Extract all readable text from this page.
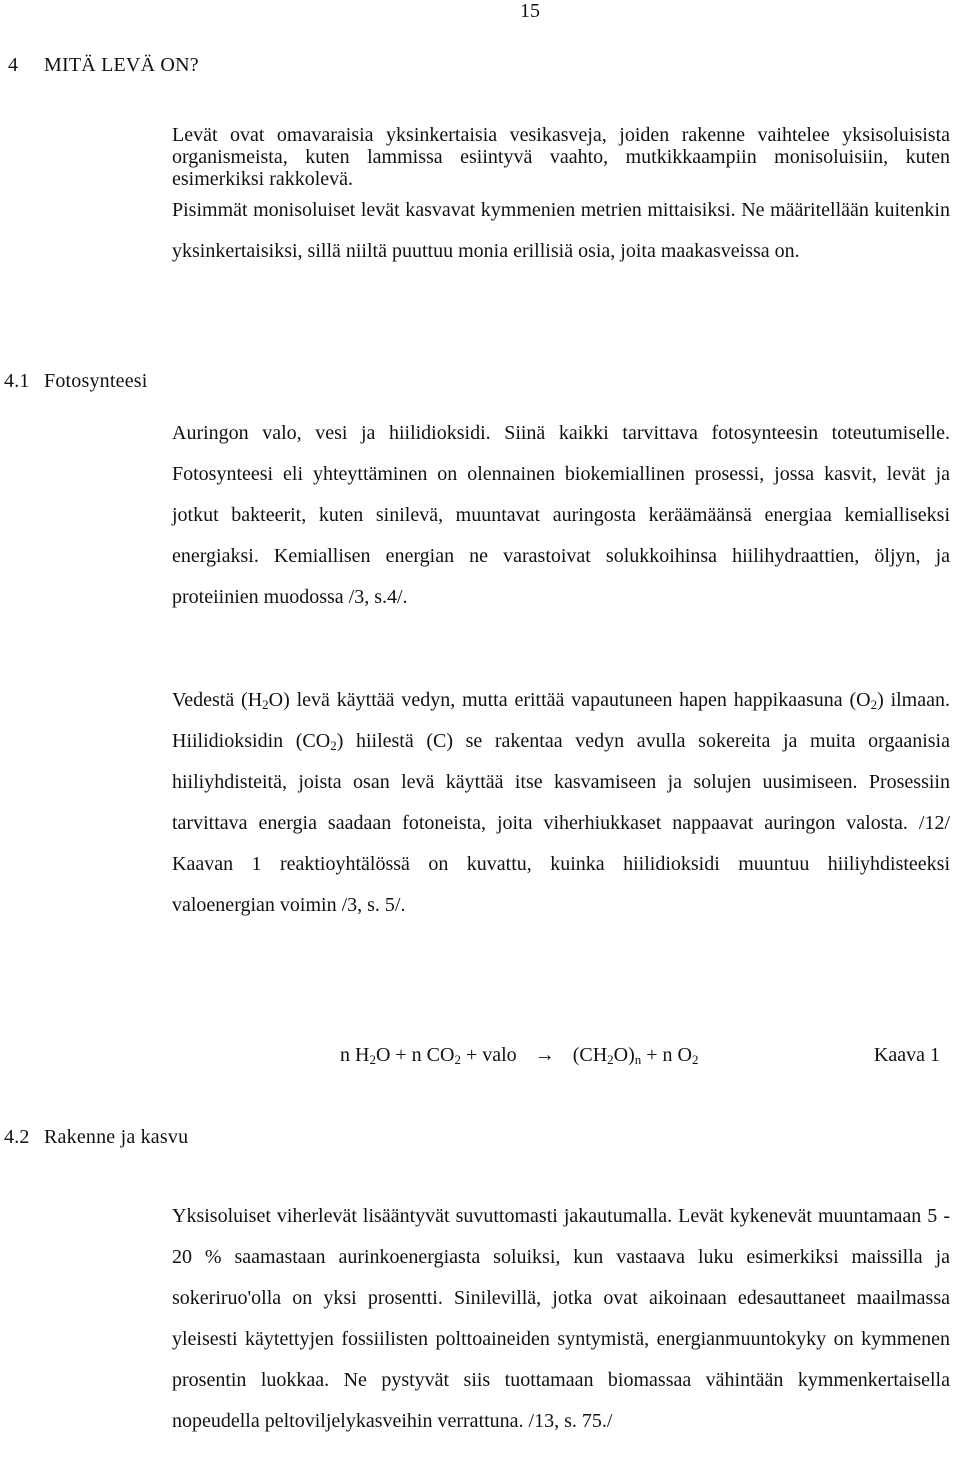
15
4 MITÄ LEVÄ ON?

Levät ovat omavaraisia yksinkertaisia vesikasveja, joiden rakenne vaihtelee yksisoluisista organismeista, kuten lammissa esiintyvä vaahto, mutkikkaampiin monisoluisiin, kuten esimerkiksi rakkolevä.
Pisimmät monisoluiset levät kasvavat kymmenien metrien mittaisiksi. Ne määritellään kuitenkin yksinkertaisiksi, sillä niiltä puuttuu monia erillisiä osia, joita maakasveissa on.

4.1 Fotosynteesi

Auringon valo, vesi ja hiilidioksidi. Siinä kaikki tarvittava fotosynteesin toteutumiselle. Fotosynteesi eli yhteyttäminen on olennainen biokemiallinen prosessi, jossa kasvit, levät ja jotkut bakteerit, kuten sinilevä, muuntavat auringosta keräämäänsä energiaa kemialliseksi energiaksi. Kemiallisen energian ne varastoivat solukkoihinsa hiilihydraattien, öljyn, ja proteiinien muodossa /3, s.4/.

Vedestä $(H_2O)$ levä käyttää vedyn, mutta erittää vapautuneen hapen happikaasuna $(O_2)$ ilmaan. Hiilidioksidin $(CO_2)$ hiilestä (C) se rakentaa vedyn avulla sokereita ja muita orgaanisia hiiliyhdisteitä, joista osan levä käyttää itse kasvamiseen ja solujen uusimiseen. Prosessiin tarvittava energia saadaan fotoneista, joita viherhiukkaset nappaavat auringon valosta. /12/ Kaavan 1 reaktioyhtälössä on kuvattu, kuinka hiilidioksidi muuntuu hiiliyhdisteeksi valoenergian voimin /3, s. 5/.

n $H_2O + n$ $CO_2$ + valo → $(CH_2O)_n + n$ $O_2$	Kaava 1
4.2 Rakenne ja kasvu

Yksisoluiset viherlevät lisääntyvät suvuttomasti jakautumalla. Levät kykenevät muuntamaan 5 - 20 % saamastaan aurinkoenergiasta soluiksi, kun vastaava luku esimerkiksi maissilla ja sokeriruo'olla on yksi prosentti. Sinilevillä, jotka ovat aikoinaan edesauttaneet maailmassa yleisesti käytettyjen fossiilisten polttoaineiden syntymistä, energianmuuntokyky on kymmenen prosentin luokkaa. Ne pystyvät siis tuottamaan biomassaa vähintään kymmenkertaisella nopeudella peltoviljelykasveihin verrattuna. /13, s. 75./
